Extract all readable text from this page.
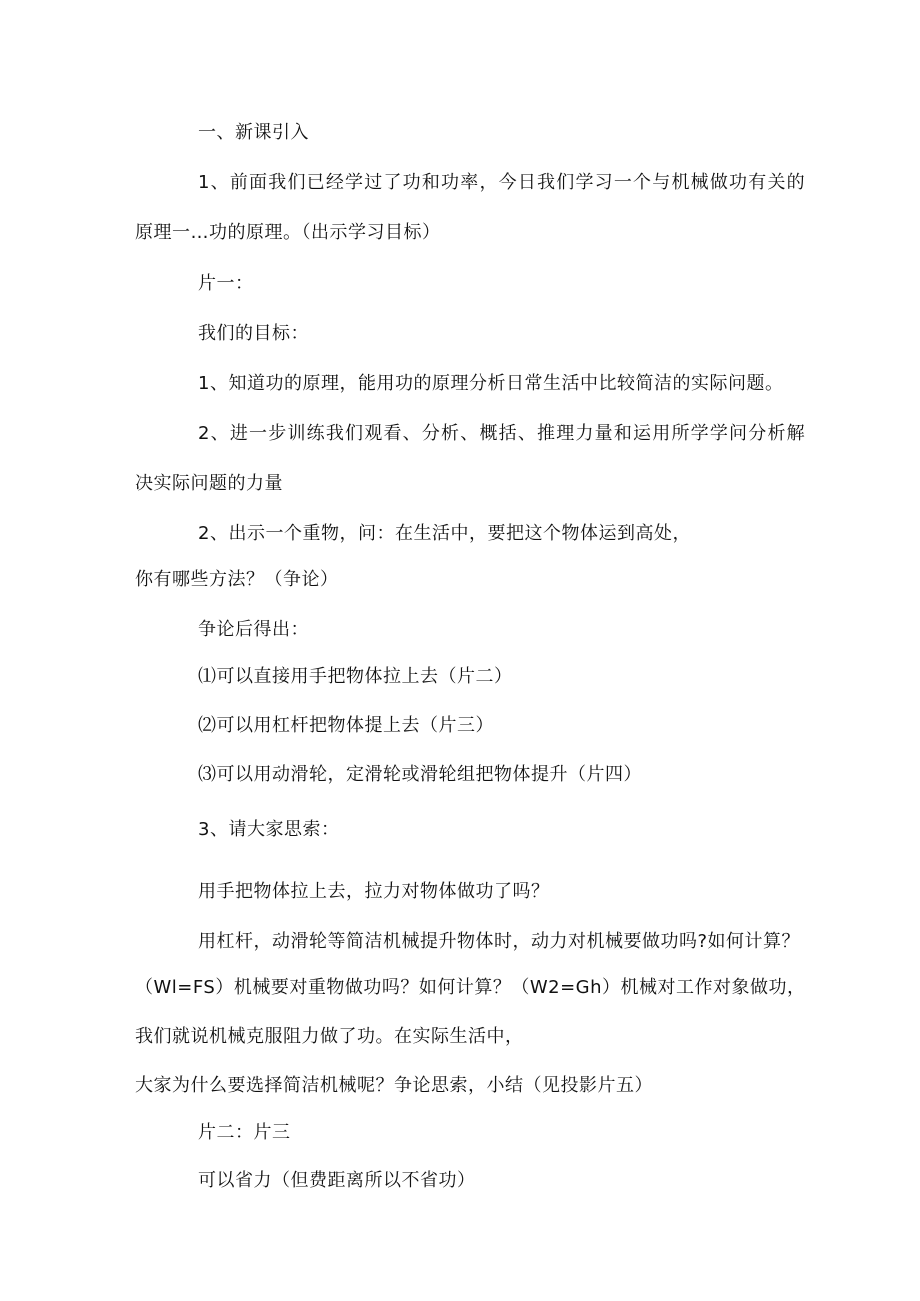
一、新课引入
1、前面我们已经学过了功和功率，今日我们学习一个与机械做功有关的
原理一…功的原理。（出示学习目标）
片一：
我们的目标：
1、知道功的原理，能用功的原理分析日常生活中比较简洁的实际问题。
2、进一步训练我们观看、分析、概括、推理力量和运用所学学问分析解
决实际问题的力量
2、出示一个重物，问：在生活中，要把这个物体运到高处，
你有哪些方法？（争论）
争论后得出：
⑴可以直接用手把物体拉上去（片二）
⑵可以用杠杆把物体提上去（片三）
⑶可以用动滑轮，定滑轮或滑轮组把物体提升（片四）
3、请大家思索：
用手把物体拉上去，拉力对物体做功了吗？
用杠杆，动滑轮等简洁机械提升物体时，动力对机械要做功吗?如何计算？
（Wl=FS）机械要对重物做功吗？如何计算？（W2=Gh）机械对工作对象做功，
我们就说机械克服阻力做了功。在实际生活中，
大家为什么要选择简洁机械呢？争论思索，小结（见投影片五）
片二：片三
可以省力（但费距离所以不省功）
